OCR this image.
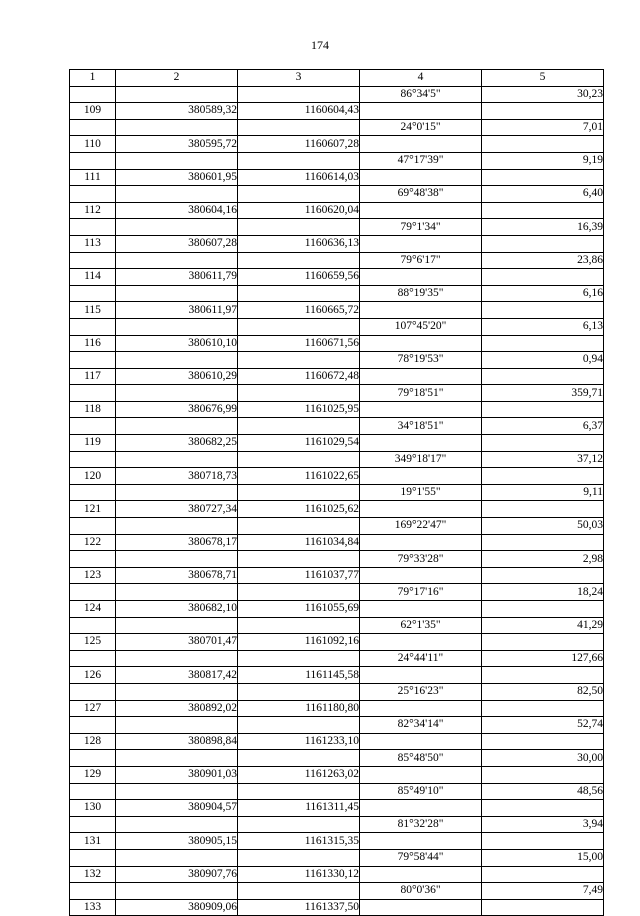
174
1	2	3	4	5
			86°34'5"	30,23
109	380589,32	1160604,43		
			24°0'15"	7,01
110	380595,72	1160607,28		
			47°17'39"	9,19
111	380601,95	1160614,03		
			69°48'38"	6,40
112	380604,16	1160620,04		
			79°1'34"	16,39
113	380607,28	1160636,13		
			79°6'17"	23,86
114	380611,79	1160659,56		
			88°19'35"	6,16
115	380611,97	1160665,72		
			107°45'20"	6,13
116	380610,10	1160671,56		
			78°19'53"	0,94
117	380610,29	1160672,48		
			79°18'51"	359,71
118	380676,99	1161025,95		
			34°18'51"	6,37
119	380682,25	1161029,54		
			349°18'17"	37,12
120	380718,73	1161022,65		
			19°1'55"	9,11
121	380727,34	1161025,62		
			169°22'47"	50,03
122	380678,17	1161034,84		
			79°33'28"	2,98
123	380678,71	1161037,77		
			79°17'16"	18,24
124	380682,10	1161055,69		
			62°1'35"	41,29
125	380701,47	1161092,16		
			24°44'11"	127,66
126	380817,42	1161145,58		
			25°16'23"	82,50
127	380892,02	1161180,80		
			82°34'14"	52,74
128	380898,84	1161233,10		
			85°48'50"	30,00
129	380901,03	1161263,02		
			85°49'10"	48,56
130	380904,57	1161311,45		
			81°32'28"	3,94
131	380905,15	1161315,35		
			79°58'44"	15,00
132	380907,76	1161330,12		
			80°0'36"	7,49
133	380909,06	1161337,50		
